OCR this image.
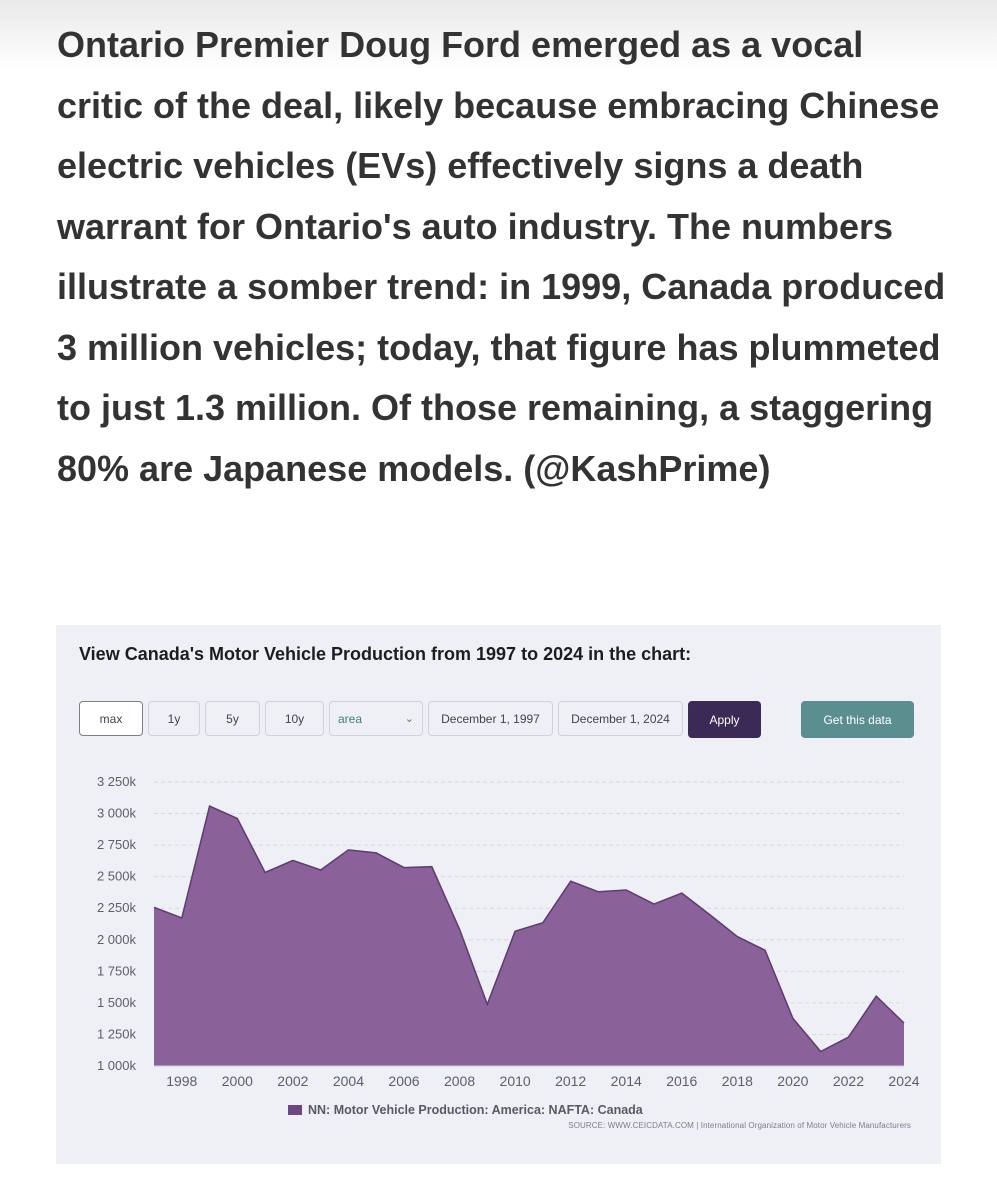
Ontario Premier Doug Ford emerged as a vocal critic of the deal, likely because embracing Chinese electric vehicles (EVs) effectively signs a death warrant for Ontario's auto industry. The numbers illustrate a somber trend: in 1999, Canada produced 3 million vehicles; today, that figure has plummeted to just 1.3 million. Of those remaining, a staggering 80% are Japanese models. (@KashPrime)

View Canada's Motor Vehicle Production from 1997 to 2024 in the chart:
max	1y	5y	10y	area	⌄	December 1, 1997	December 1, 2024	Apply	Get this data
1 000k
1 250k
1 500k
1 750k
2 000k
2 250k
2 500k
2 750k
3 000k
3 250k
1998 2000 2002 2004 2006 2008 2010 2012 2014 2016 2018 2020 2022 2024
NN: Motor Vehicle Production: America: NAFTA: Canada
SOURCE: WWW.CEICDATA.COM | International Organization of Motor Vehicle Manufacturers
